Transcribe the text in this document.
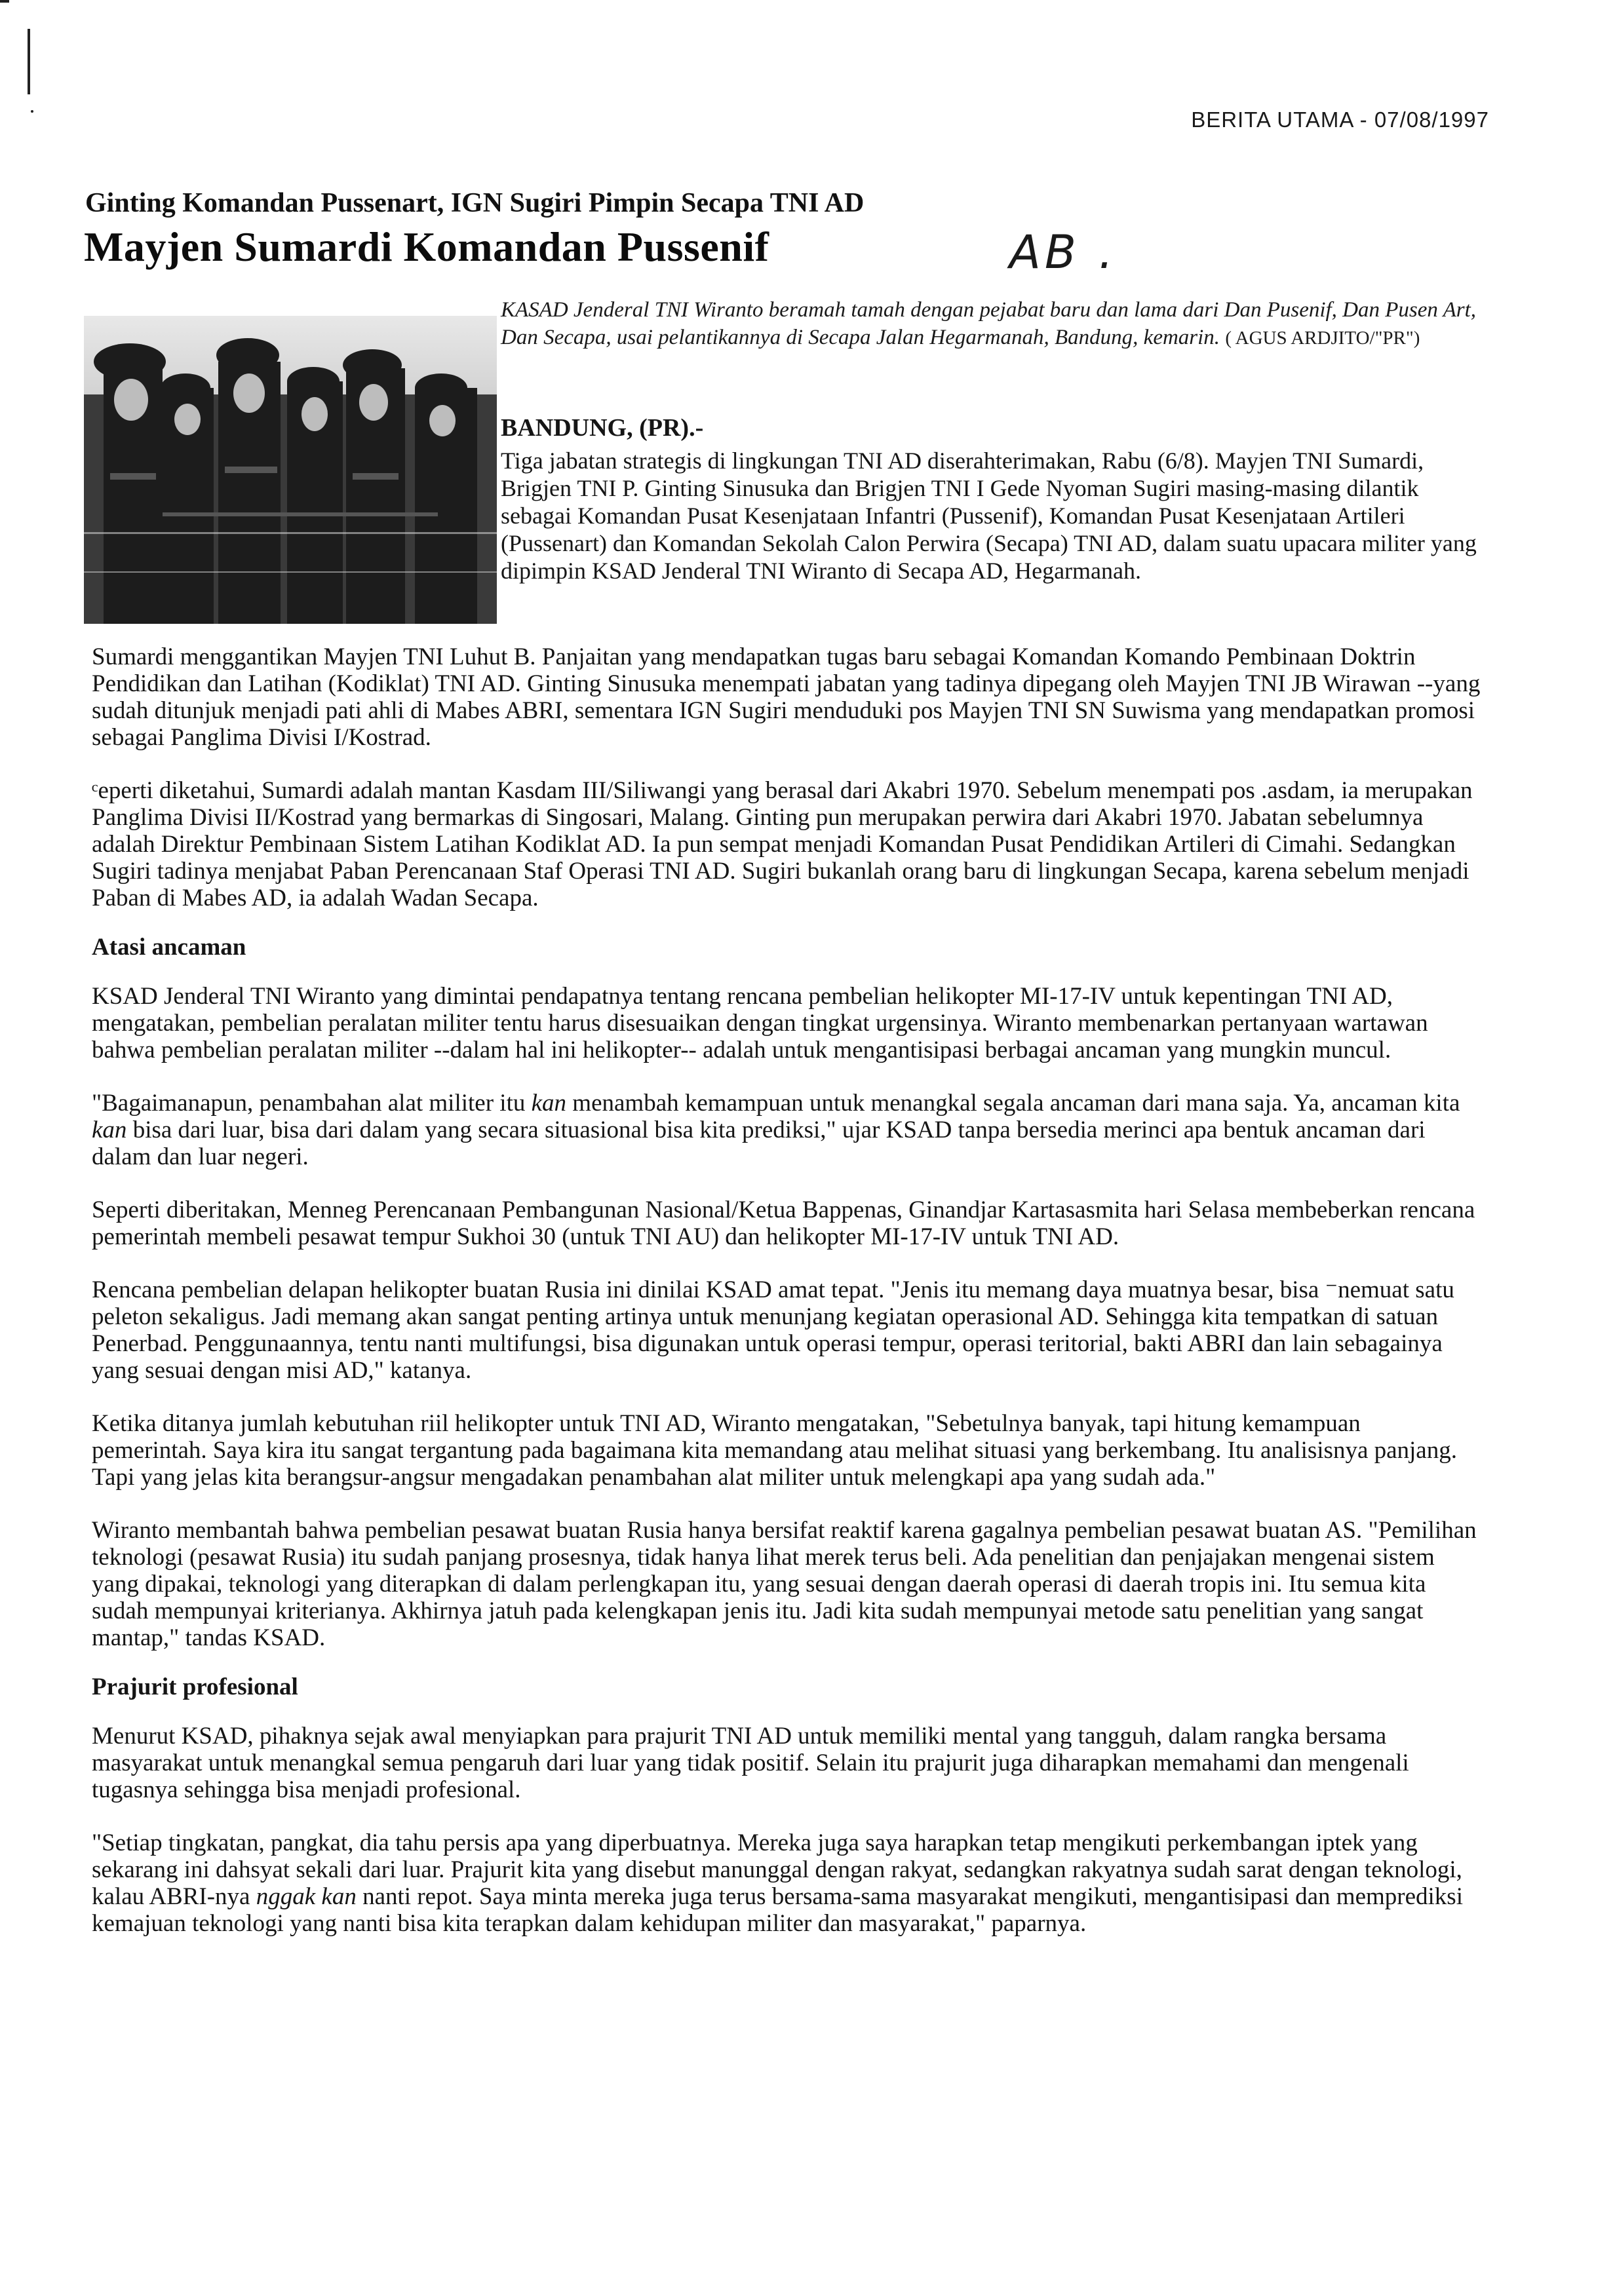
BERITA UTAMA - 07/08/1997
Ginting Komandan Pussenart, IGN Sugiri Pimpin Secapa TNI AD
Mayjen Sumardi Komandan Pussenif	AB .
KASAD Jenderal TNI Wiranto beramah tamah dengan pejabat baru dan lama dari Dan Pusenif, Dan Pusen Art, Dan Secapa, usai pelantikannya di Secapa Jalan Hegarmanah, Bandung, kemarin. ( AGUS ARDJITO/"PR")
BANDUNG, (PR).-
Tiga jabatan strategis di lingkungan TNI AD diserahterimakan, Rabu (6/8). Mayjen TNI Sumardi, Brigjen TNI P. Ginting Sinusuka dan Brigjen TNI I Gede Nyoman Sugiri masing-masing dilantik sebagai Komandan Pusat Kesenjataan Infantri (Pussenif), Komandan Pusat Kesenjataan Artileri (Pussenart) dan Komandan Sekolah Calon Perwira (Secapa) TNI AD, dalam suatu upacara militer yang dipimpin KSAD Jenderal TNI Wiranto di Secapa AD, Hegarmanah.

Sumardi menggantikan Mayjen TNI Luhut B. Panjaitan yang mendapatkan tugas baru sebagai Komandan Komando Pembinaan Doktrin Pendidikan dan Latihan (Kodiklat) TNI AD. Ginting Sinusuka menempati jabatan yang tadinya dipegang oleh Mayjen TNI JB Wirawan --yang sudah ditunjuk menjadi pati ahli di Mabes ABRI, sementara IGN Sugiri menduduki pos Mayjen TNI SN Suwisma yang mendapatkan promosi sebagai Panglima Divisi I/Kostrad.

ᶜeperti diketahui, Sumardi adalah mantan Kasdam III/Siliwangi yang berasal dari Akabri 1970. Sebelum menempati pos .asdam, ia merupakan Panglima Divisi II/Kostrad yang bermarkas di Singosari, Malang. Ginting pun merupakan perwira dari Akabri 1970. Jabatan sebelumnya adalah Direktur Pembinaan Sistem Latihan Kodiklat AD. Ia pun sempat menjadi Komandan Pusat Pendidikan Artileri di Cimahi. Sedangkan Sugiri tadinya menjabat Paban Perencanaan Staf Operasi TNI AD. Sugiri bukanlah orang baru di lingkungan Secapa, karena sebelum menjadi Paban di Mabes AD, ia adalah Wadan Secapa.

Atasi ancaman

KSAD Jenderal TNI Wiranto yang dimintai pendapatnya tentang rencana pembelian helikopter MI-17-IV untuk kepentingan TNI AD, mengatakan, pembelian peralatan militer tentu harus disesuaikan dengan tingkat urgensinya. Wiranto membenarkan pertanyaan wartawan bahwa pembelian peralatan militer --dalam hal ini helikopter-- adalah untuk mengantisipasi berbagai ancaman yang mungkin muncul.

"Bagaimanapun, penambahan alat militer itu kan menambah kemampuan untuk menangkal segala ancaman dari mana saja. Ya, ancaman kita kan bisa dari luar, bisa dari dalam yang secara situasional bisa kita prediksi," ujar KSAD tanpa bersedia merinci apa bentuk ancaman dari dalam dan luar negeri.

Seperti diberitakan, Menneg Perencanaan Pembangunan Nasional/Ketua Bappenas, Ginandjar Kartasasmita hari Selasa membeberkan rencana pemerintah membeli pesawat tempur Sukhoi 30 (untuk TNI AU) dan helikopter MI-17-IV untuk TNI AD.

Rencana pembelian delapan helikopter buatan Rusia ini dinilai KSAD amat tepat. "Jenis itu memang daya muatnya besar, bisa ⁻nemuat satu peleton sekaligus. Jadi memang akan sangat penting artinya untuk menunjang kegiatan operasional AD. Sehingga kita tempatkan di satuan Penerbad. Penggunaannya, tentu nanti multifungsi, bisa digunakan untuk operasi tempur, operasi teritorial, bakti ABRI dan lain sebagainya yang sesuai dengan misi AD," katanya.

Ketika ditanya jumlah kebutuhan riil helikopter untuk TNI AD, Wiranto mengatakan, "Sebetulnya banyak, tapi hitung kemampuan pemerintah. Saya kira itu sangat tergantung pada bagaimana kita memandang atau melihat situasi yang berkembang. Itu analisisnya panjang. Tapi yang jelas kita berangsur-angsur mengadakan penambahan alat militer untuk melengkapi apa yang sudah ada."

Wiranto membantah bahwa pembelian pesawat buatan Rusia hanya bersifat reaktif karena gagalnya pembelian pesawat buatan AS. "Pemilihan teknologi (pesawat Rusia) itu sudah panjang prosesnya, tidak hanya lihat merek terus beli. Ada penelitian dan penjajakan mengenai sistem yang dipakai, teknologi yang diterapkan di dalam perlengkapan itu, yang sesuai dengan daerah operasi di daerah tropis ini. Itu semua kita sudah mempunyai kriterianya. Akhirnya jatuh pada kelengkapan jenis itu. Jadi kita sudah mempunyai metode satu penelitian yang sangat mantap," tandas KSAD.

Prajurit profesional

Menurut KSAD, pihaknya sejak awal menyiapkan para prajurit TNI AD untuk memiliki mental yang tangguh, dalam rangka bersama masyarakat untuk menangkal semua pengaruh dari luar yang tidak positif. Selain itu prajurit juga diharapkan memahami dan mengenali tugasnya sehingga bisa menjadi profesional.

"Setiap tingkatan, pangkat, dia tahu persis apa yang diperbuatnya. Mereka juga saya harapkan tetap mengikuti perkembangan iptek yang sekarang ini dahsyat sekali dari luar. Prajurit kita yang disebut manunggal dengan rakyat, sedangkan rakyatnya sudah sarat dengan teknologi, kalau ABRI-nya nggak kan nanti repot. Saya minta mereka juga terus bersama-sama masyarakat mengikuti, mengantisipasi dan memprediksi kemajuan teknologi yang nanti bisa kita terapkan dalam kehidupan militer dan masyarakat," paparnya.
